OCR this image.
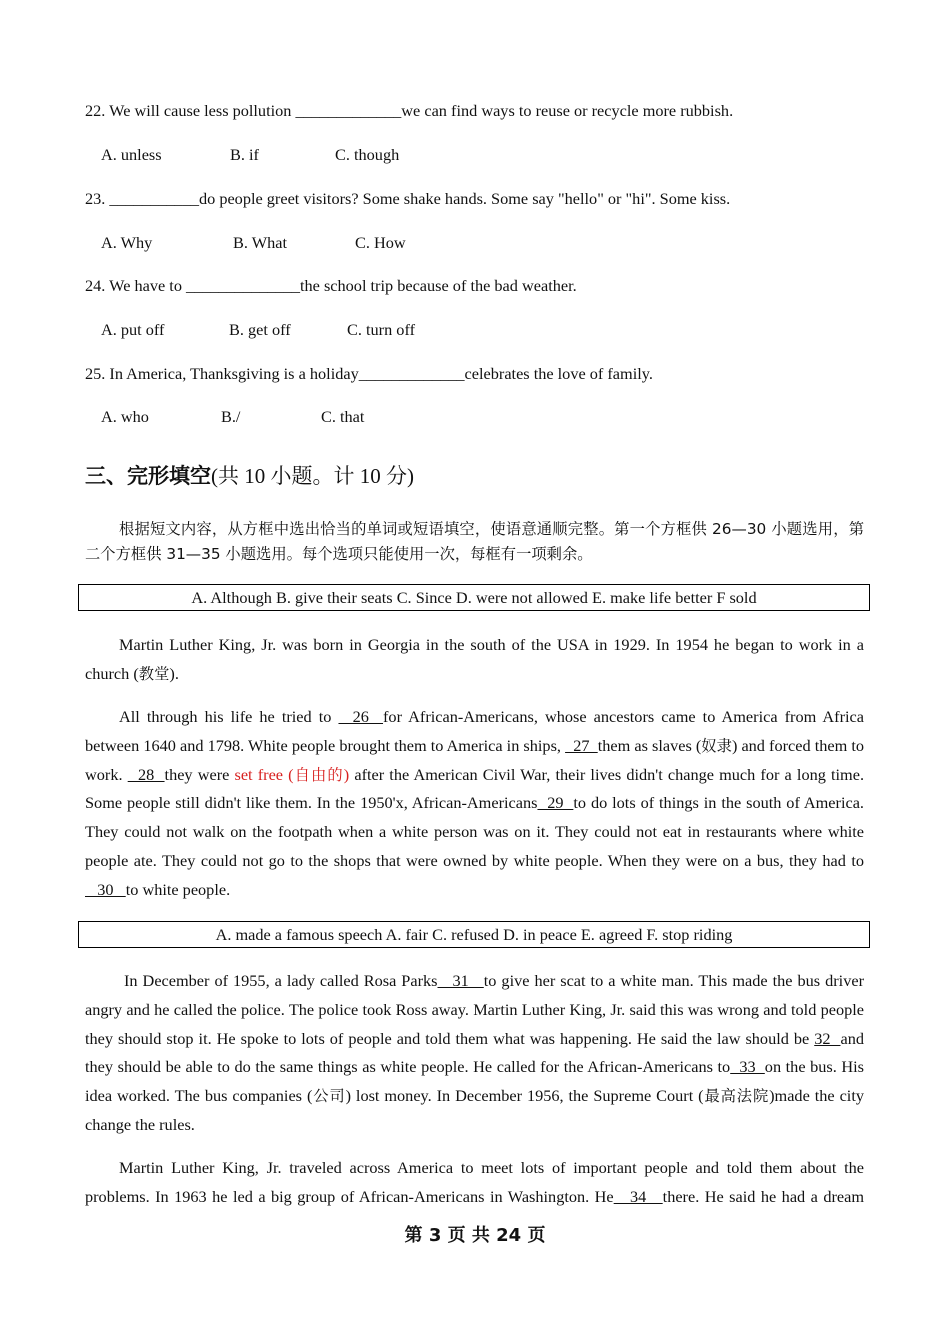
22. We will cause less pollution _____________we can find ways to reuse or recycle more rubbish.
A. unless	B. if	C. though
23. ___________do people greet visitors? Some shake hands. Some say "hello" or "hi". Some kiss.
A. Why	B. What	C. How
24. We have to ______________the school trip because of the bad weather.
A. put off	B. get off	C. turn off
25. In America, Thanksgiving is a holiday_____________celebrates the love of family.
A. who	B./	C. that
三、完形填空(共 10 小题。计 10 分)
根据短文内容，从方框中选出恰当的单词或短语填空，使语意通顺完整。第一个方框供 26—30 小题选用，第二个方框供 31—35 小题选用。每个选项只能使用一次，每框有一项剩余。
A. Although B. give their seats C. Since D. were not allowed E. make life better F sold
Martin Luther King, Jr. was born in Georgia in the south of the USA in 1929. In 1954 he began to work in a church (教堂).
All through his life he tried to   26  for African-Americans, whose ancestors came to America from Africa between 1640 and 1798. White people brought them to America in ships,   27  them as slaves (奴隶) and forced them to work.   28  they were set free (自由的) after the American Civil War, their lives didn't change much for a long time. Some people still didn't like them. In the 1950'x, African-Americans  29  to do lots of things in the south of America. They could not walk on the footpath when a white person was on it. They could not eat in restaurants where white people ate. They could not go to the shops that were owned by white people. When they were on a bus, they had to   30   to white people.
A. made a famous speech A. fair C. refused D. in peace E. agreed F. stop riding
In December of 1955, a lady called Rosa Parks   31   to give her scat to a white man. This made the bus driver angry and he called the police. The police took Ross away. Martin Luther King, Jr. said this was wrong and told people they should stop it. He spoke to lots of people and told them what was happening. He said the law should be 32  and they should be able to do the same things as white people. He called for the African-Americans to  33  on the bus. His idea worked. The bus companies (公司) lost money. In December 1956, the Supreme Court (最高法院)made the city change the rules.
Martin Luther King, Jr. traveled across America to meet lots of important people and told them about the problems. In 1963 he led a big group of African-Americans in Washington. He   34   there. He said he had a dream
第 3 页 共 24 页
